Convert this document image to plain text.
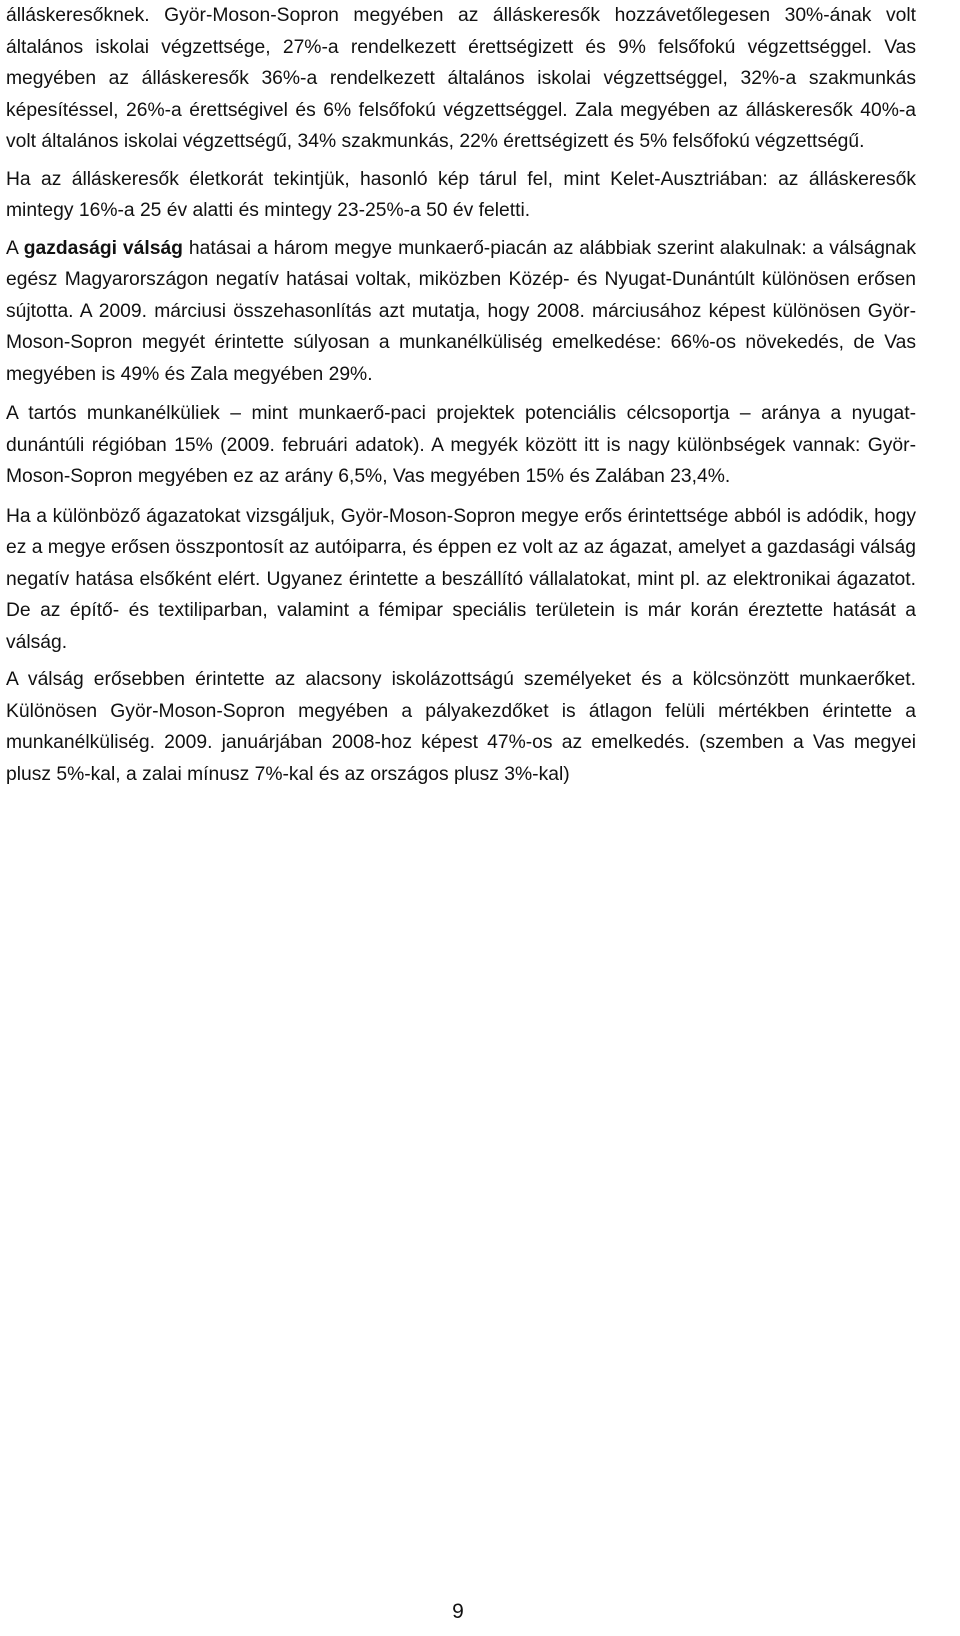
álláskeresőknek. Györ-Moson-Sopron megyében az álláskeresők hozzávetőlegesen 30%-ának volt általános iskolai végzettsége, 27%-a rendelkezett érettségizett és 9% felsőfokú végzettséggel. Vas megyében az álláskeresők 36%-a rendelkezett általános iskolai végzettséggel, 32%-a szakmunkás képesítéssel, 26%-a érettségivel és 6% felsőfokú végzettséggel. Zala megyében az álláskeresők 40%-a volt általános iskolai végzettségű, 34% szakmunkás, 22% érettségizett és 5% felsőfokú végzettségű.

Ha az álláskeresők életkorát tekintjük, hasonló kép tárul fel, mint Kelet-Ausztriában: az álláskeresők mintegy 16%-a 25 év alatti és mintegy 23-25%-a 50 év feletti.

A gazdasági válság hatásai a három megye munkaerő-piacán az alábbiak szerint alakulnak: a válságnak egész Magyarországon negatív hatásai voltak, miközben Közép- és Nyugat-Dunántúlt különösen erősen sújtotta. A 2009. márciusi összehasonlítás azt mutatja, hogy 2008. márciusához képest különösen Györ-Moson-Sopron megyét érintette súlyosan a munkanélküliség emelkedése: 66%-os növekedés, de Vas megyében is 49% és Zala megyében 29%.

A tartós munkanélküliek – mint munkaerő-paci projektek potenciális célcsoportja – aránya a nyugat-dunántúli régióban 15% (2009. februári adatok). A megyék között itt is nagy különbségek vannak: Györ-Moson-Sopron megyében ez az arány 6,5%, Vas megyében 15% és Zalában 23,4%.

Ha a különböző ágazatokat vizsgáljuk, Györ-Moson-Sopron megye erős érintettsége abból is adódik, hogy ez a megye erősen összpontosít az autóiparra, és éppen ez volt az az ágazat, amelyet a gazdasági válság negatív hatása elsőként elért. Ugyanez érintette a beszállító vállalatokat, mint pl. az elektronikai ágazatot. De az építő- és textiliparban, valamint a fémipar speciális területein is már korán éreztette hatását a válság.

A válság erősebben érintette az alacsony iskolázottságú személyeket és a kölcsönzött munkaerőket. Különösen Györ-Moson-Sopron megyében a pályakezdőket is átlagon felüli mértékben érintette a munkanélküliség. 2009. januárjában 2008-hoz képest 47%-os az emelkedés. (szemben a Vas megyei plusz 5%-kal, a zalai mínusz 7%-kal és az országos plusz 3%-kal)

9
